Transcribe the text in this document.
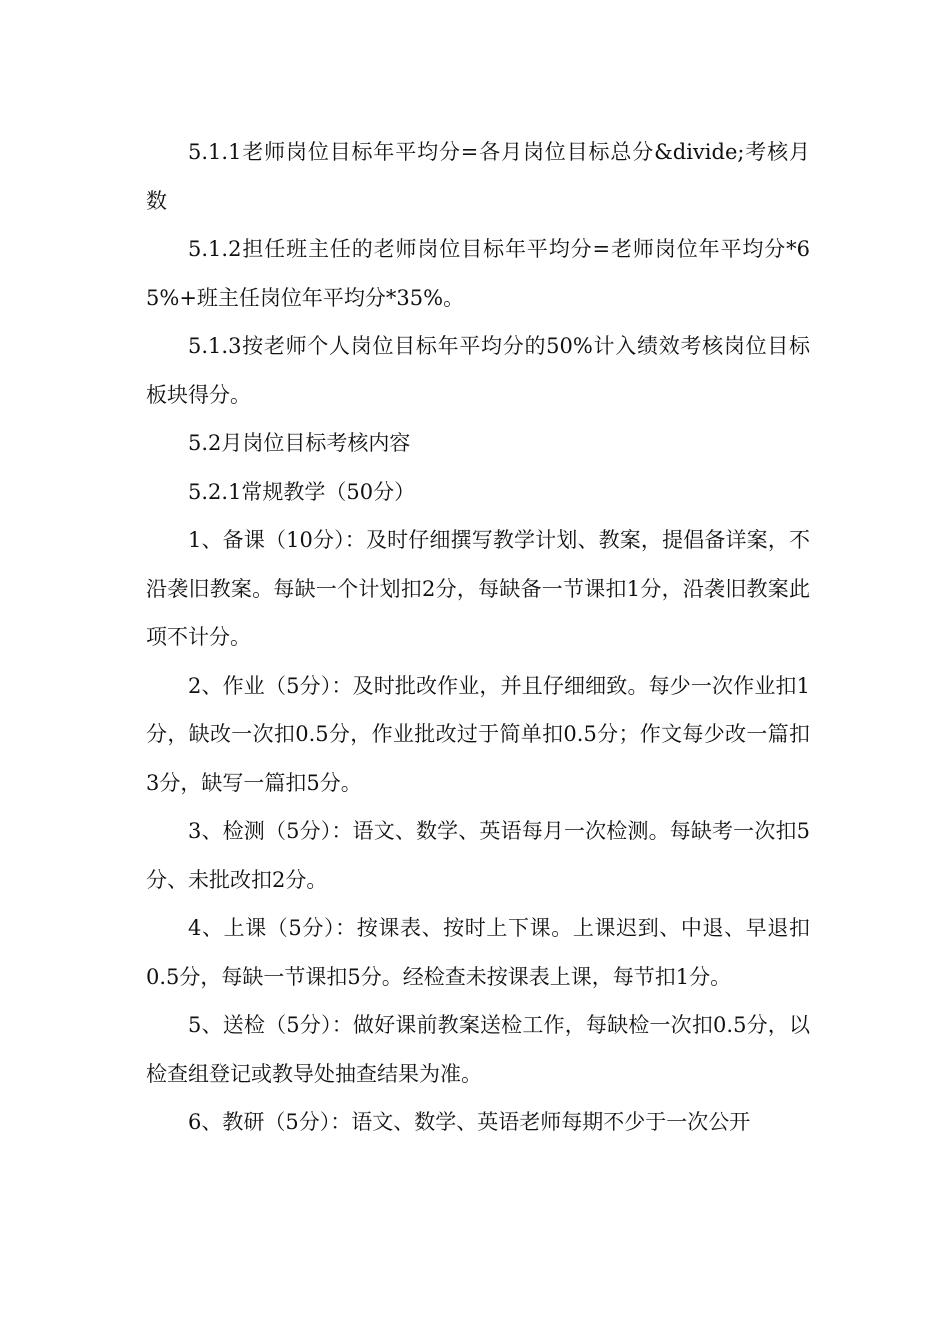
5.1.1老师岗位目标年平均分=各月岗位目标总分&divide;考核月数

5.1.2担任班主任的老师岗位目标年平均分=老师岗位年平均分*65%+班主任岗位年平均分*35%。

5.1.3按老师个人岗位目标年平均分的50%计入绩效考核岗位目标板块得分。

5.2月岗位目标考核内容

5.2.1常规教学（50分）

1、备课（10分）：及时仔细撰写教学计划、教案，提倡备详案，不沿袭旧教案。每缺一个计划扣2分，每缺备一节课扣1分，沿袭旧教案此项不计分。

2、作业（5分）：及时批改作业，并且仔细细致。每少一次作业扣1分，缺改一次扣0.5分，作业批改过于简单扣0.5分；作文每少改一篇扣3分，缺写一篇扣5分。

3、检测（5分）：语文、数学、英语每月一次检测。每缺考一次扣5分、未批改扣2分。

4、上课（5分）：按课表、按时上下课。上课迟到、中退、早退扣0.5分，每缺一节课扣5分。经检查未按课表上课，每节扣1分。

5、送检（5分）：做好课前教案送检工作，每缺检一次扣0.5分，以检查组登记或教导处抽查结果为准。

6、教研（5分）：语文、数学、英语老师每期不少于一次公开
